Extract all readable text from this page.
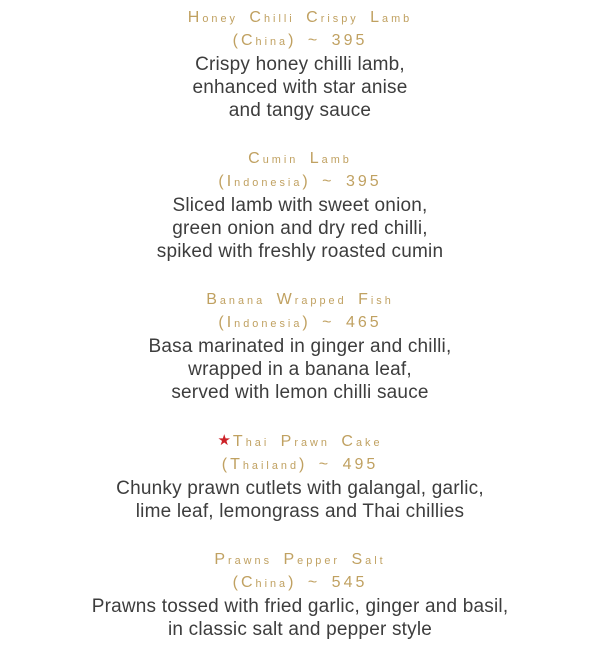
Honey Chilli Crispy Lamb
(China) ~ 395
Crispy honey chilli lamb,
enhanced with star anise
and tangy sauce
Cumin Lamb
(Indonesia) ~ 395
Sliced lamb with sweet onion,
green onion and dry red chilli,
spiked with freshly roasted cumin
Banana Wrapped Fish
(Indonesia) ~ 465
Basa marinated in ginger and chilli,
wrapped in a banana leaf,
served with lemon chilli sauce
★ Thai Prawn Cake
(Thailand) ~ 495
Chunky prawn cutlets with galangal, garlic,
lime leaf, lemongrass and Thai chillies
Prawns Pepper Salt
(China) ~ 545
Prawns tossed with fried garlic, ginger and basil,
in classic salt and pepper style
